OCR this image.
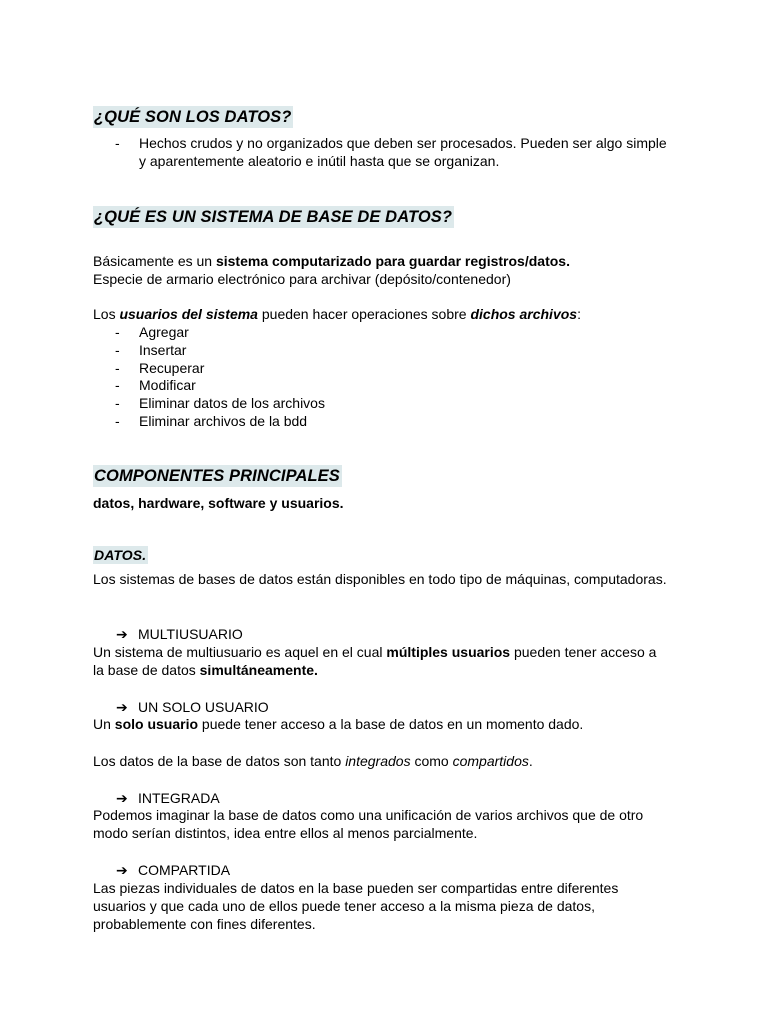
¿QUÉ SON LOS DATOS?
- Hechos crudos y no organizados que deben ser procesados. Pueden ser algo simple
y aparentemente aleatorio e inútil hasta que se organizan.
¿QUÉ ES UN SISTEMA DE BASE DE DATOS?
Básicamente es un sistema computarizado para guardar registros/datos.
Especie de armario electrónico para archivar (depósito/contenedor)
Los usuarios del sistema pueden hacer operaciones sobre dichos archivos:
- Agregar
- Insertar
- Recuperar
- Modificar
- Eliminar datos de los archivos
- Eliminar archivos de la bdd
COMPONENTES PRINCIPALES
datos, hardware, software y usuarios.
DATOS.
Los sistemas de bases de datos están disponibles en todo tipo de máquinas, computadoras.
➔ MULTIUSUARIO
Un sistema de multiusuario es aquel en el cual múltiples usuarios pueden tener acceso a
la base de datos simultáneamente.
➔ UN SOLO USUARIO
Un solo usuario puede tener acceso a la base de datos en un momento dado.
Los datos de la base de datos son tanto integrados como compartidos.
➔ INTEGRADA
Podemos imaginar la base de datos como una unificación de varios archivos que de otro
modo serían distintos, idea entre ellos al menos parcialmente.
➔ COMPARTIDA
Las piezas individuales de datos en la base pueden ser compartidas entre diferentes
usuarios y que cada uno de ellos puede tener acceso a la misma pieza de datos,
probablemente con fines diferentes.
